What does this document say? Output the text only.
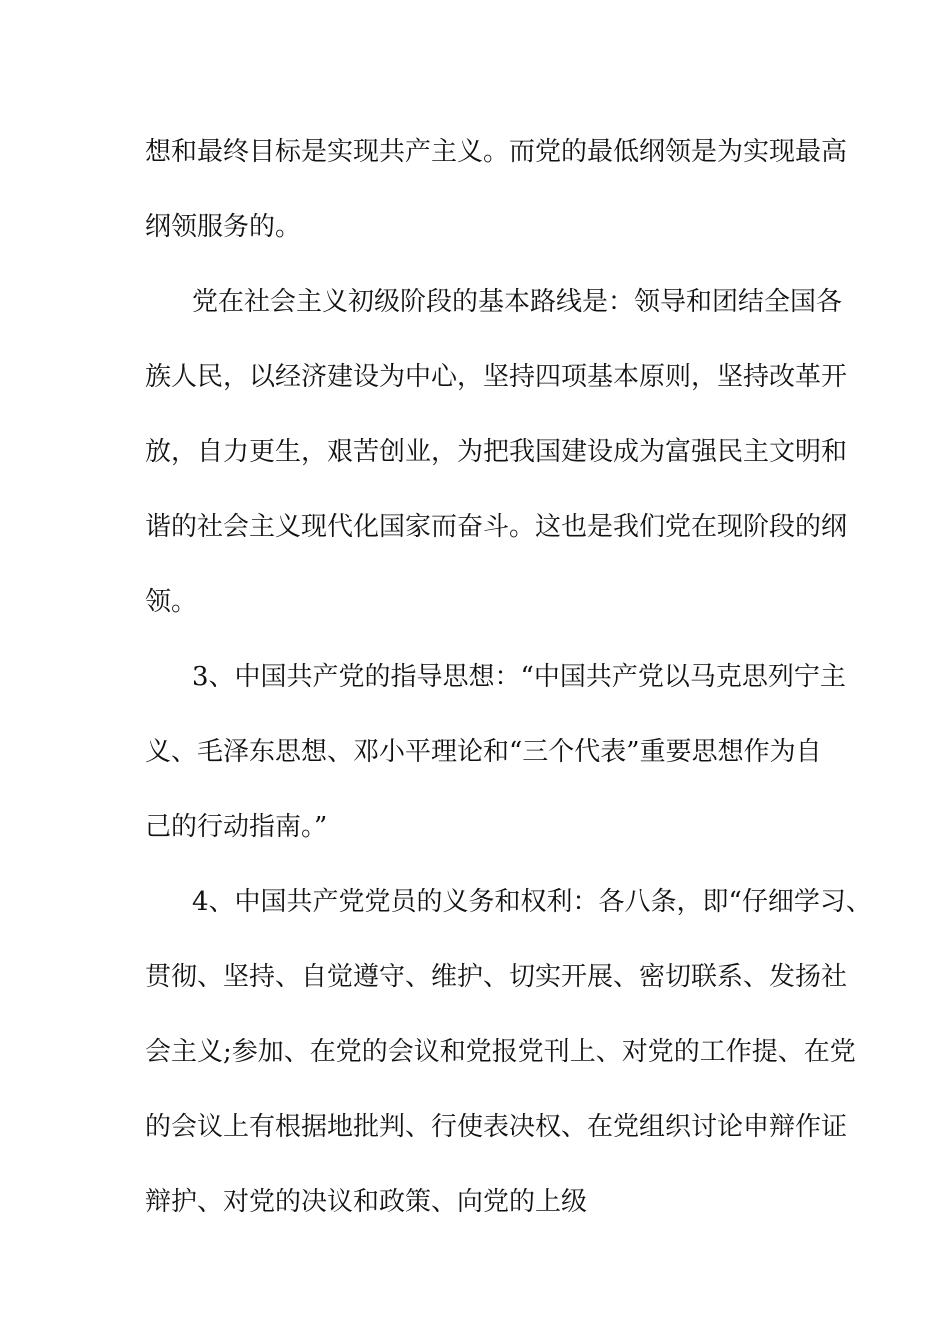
想和最终目标是实现共产主义。而党的最低纲领是为实现最高
纲领服务的。
党在社会主义初级阶段的基本路线是：领导和团结全国各
族人民，以经济建设为中心，坚持四项基本原则，坚持改革开
放，自力更生，艰苦创业，为把我国建设成为富强民主文明和
谐的社会主义现代化国家而奋斗。这也是我们党在现阶段的纲
领。
3、中国共产党的指导思想：“中国共产党以马克思列宁主
义、毛泽东思想、邓小平理论和“三个代表”重要思想作为自
己的行动指南。”
4、中国共产党党员的义务和权利：各八条，即“仔细学习、
贯彻、坚持、自觉遵守、维护、切实开展、密切联系、发扬社
会主义;参加、在党的会议和党报党刊上、对党的工作提、在党
的会议上有根据地批判、行使表决权、在党组织讨论申辩作证
辩护、对党的决议和政策、向党的上级
